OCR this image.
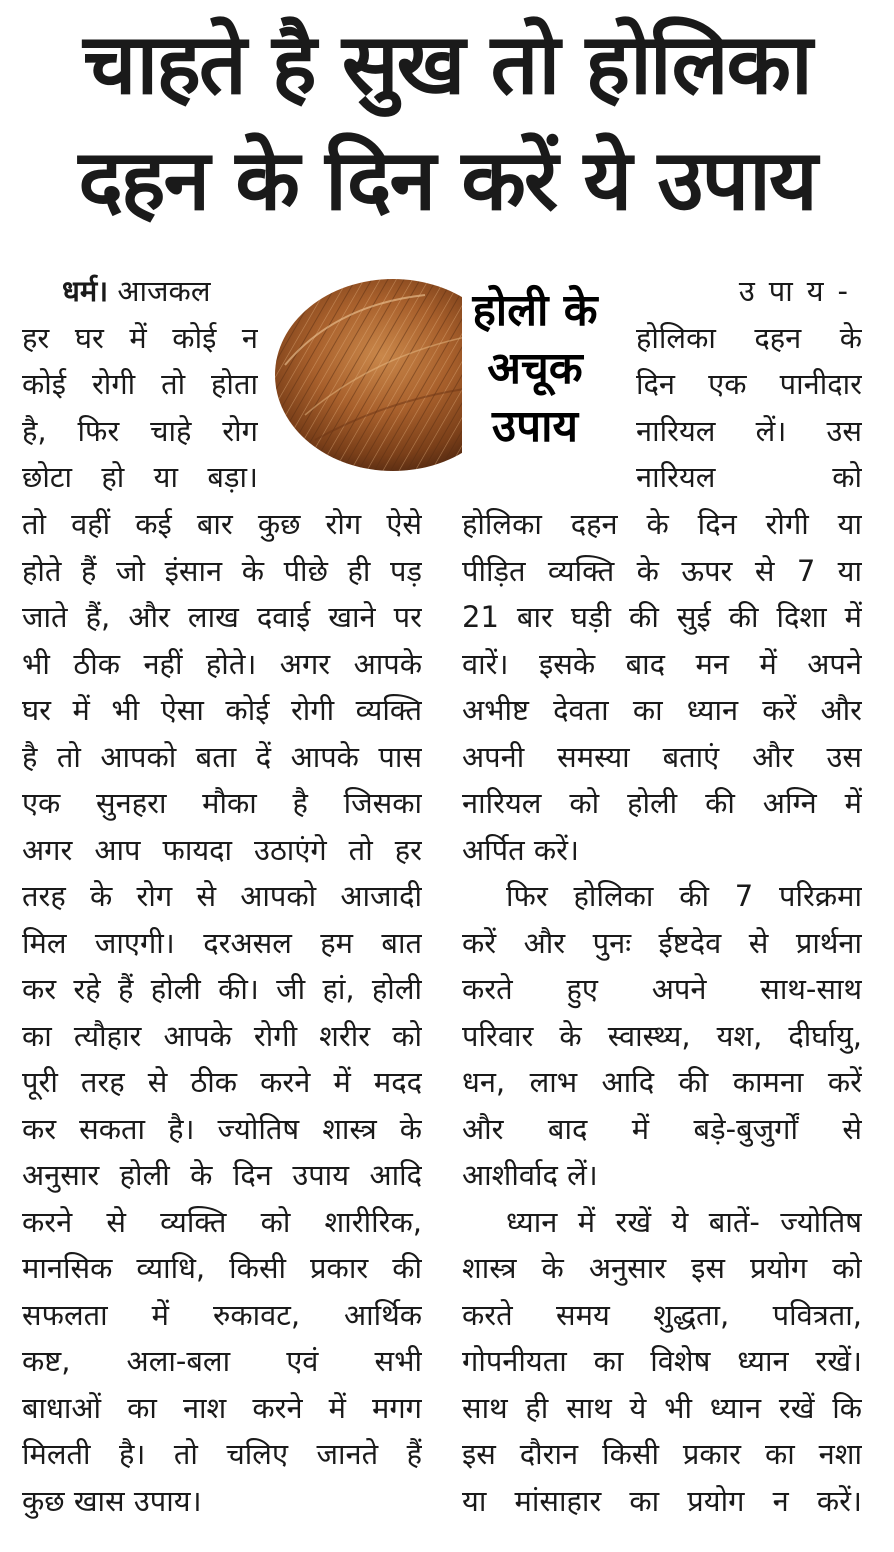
चाहते है सुख तो होलिका
दहन के दिन करें ये उपाय
होली के
अचूक
उपाय
धर्म। आजकल
हर घर में कोई न
कोई रोगी तो होता
है, फिर चाहे रोग
छोटा हो या बड़ा।
तो वहीं कई बार कुछ रोग ऐसे
होते हैं जो इंसान के पीछे ही पड़
जाते हैं, और लाख दवाई खाने पर
भी ठीक नहीं होते। अगर आपके
घर में भी ऐसा कोई रोगी व्यक्ति
है तो आपको बता दें आपके पास
एक सुनहरा मौका है जिसका
अगर आप फायदा उठाएंगे तो हर
तरह के रोग से आपको आजादी
मिल जाएगी। दरअसल हम बात
कर रहे हैं होली की। जी हां, होली
का त्यौहार आपके रोगी शरीर को
पूरी तरह से ठीक करने में मदद
कर सकता है। ज्योतिष शास्त्र के
अनुसार होली के दिन उपाय आदि
करने से व्यक्ति को शारीरिक,
मानसिक व्याधि, किसी प्रकार की
सफलता में रुकावट, आर्थिक
कष्ट, अला-बला एवं सभी
बाधाओं का नाश करने में मगग
मिलती है। तो चलिए जानते हैं
कुछ खास उपाय।
उपाय-
होलिका दहन के
दिन एक पानीदार
नारियल लें। उस
नारियल को
होलिका दहन के दिन रोगी या
पीड़ित व्यक्ति के ऊपर से 7 या
21 बार घड़ी की सुई की दिशा में
वारें। इसके बाद मन में अपने
अभीष्ट देवता का ध्यान करें और
अपनी समस्या बताएं और उस
नारियल को होली की अग्नि में
अर्पित करें।
फिर होलिका की 7 परिक्रमा
करें और पुनः ईष्टदेव से प्रार्थना
करते हुए अपने साथ-साथ
परिवार के स्वास्थ्य, यश, दीर्घायु,
धन, लाभ आदि की कामना करें
और बाद में बड़े-बुजुर्गों से
आशीर्वाद लें।
ध्यान में रखें ये बातें- ज्योतिष
शास्त्र के अनुसार इस प्रयोग को
करते समय शुद्धता, पवित्रता,
गोपनीयता का विशेष ध्यान रखें।
साथ ही साथ ये भी ध्यान रखें कि
इस दौरान किसी प्रकार का नशा
या मांसाहार का प्रयोग न करें।
